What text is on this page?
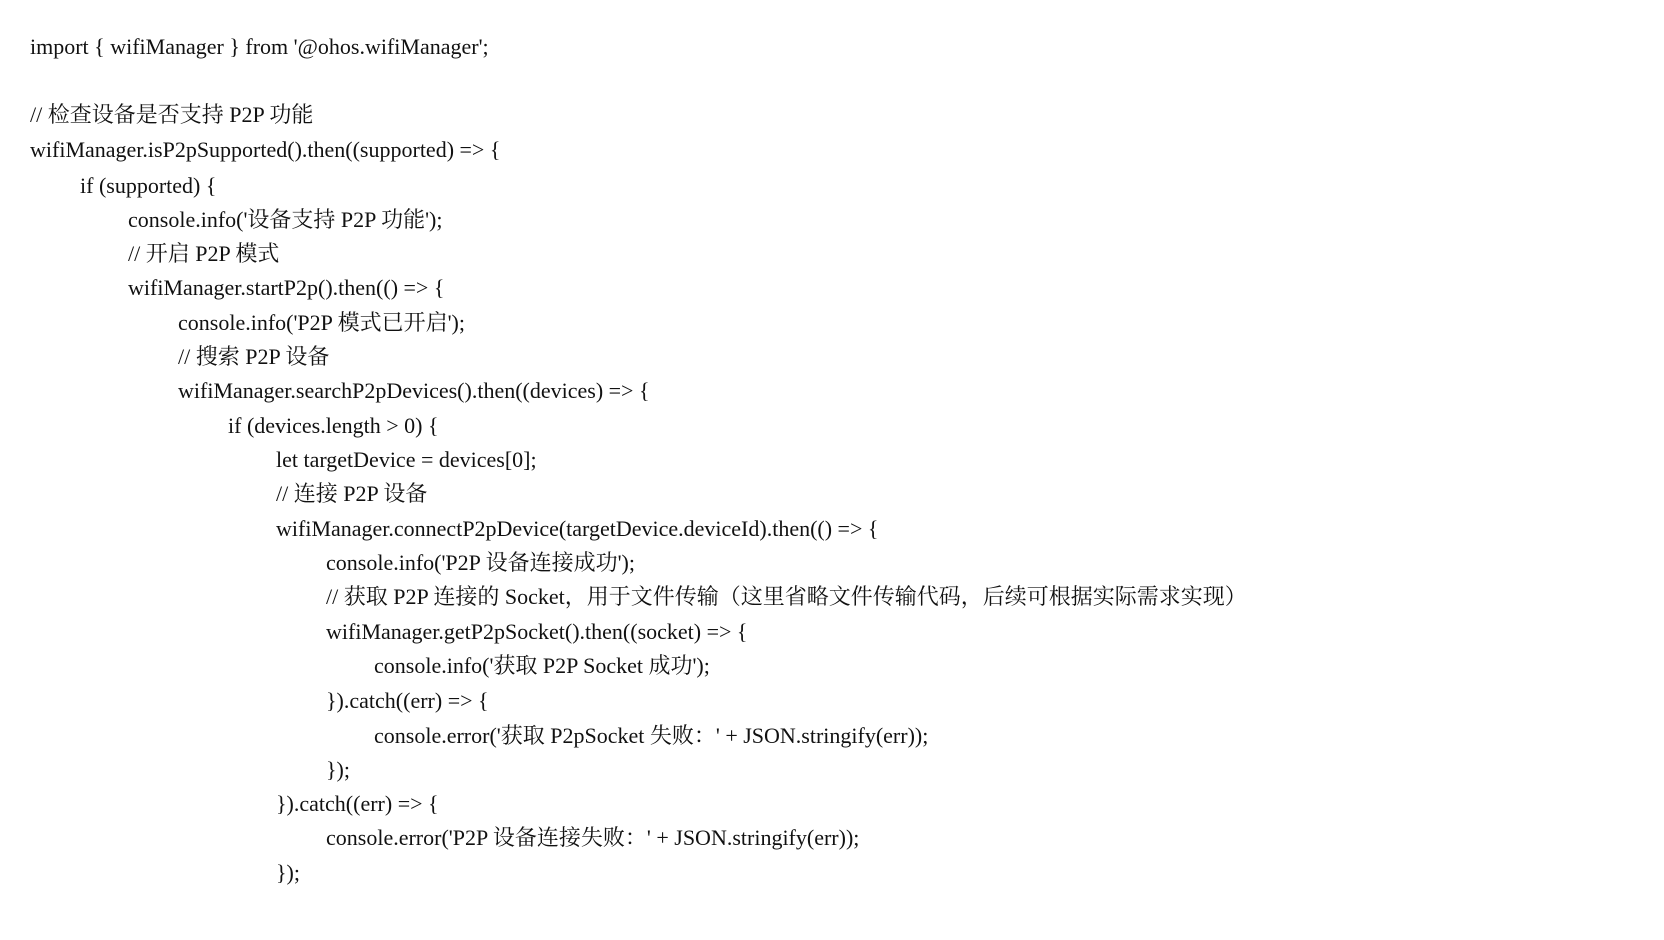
import { wifiManager } from '@ohos.wifiManager';
// 检查设备是否支持 P2P 功能
wifiManager.isP2pSupported().then((supported) => {
if (supported) {
console.info('设备支持 P2P 功能');
// 开启 P2P 模式
wifiManager.startP2p().then(() => {
console.info('P2P 模式已开启');
// 搜索 P2P 设备
wifiManager.searchP2pDevices().then((devices) => {
if (devices.length > 0) {
let targetDevice = devices[0];
// 连接 P2P 设备
wifiManager.connectP2pDevice(targetDevice.deviceId).then(() => {
console.info('P2P 设备连接成功');
// 获取 P2P 连接的 Socket，用于文件传输（这里省略文件传输代码，后续可根据实际需求实现）
wifiManager.getP2pSocket().then((socket) => {
console.info('获取 P2P Socket 成功');
}).catch((err) => {
console.error('获取 P2pSocket 失败：' + JSON.stringify(err));
});
}).catch((err) => {
console.error('P2P 设备连接失败：' + JSON.stringify(err));
});
